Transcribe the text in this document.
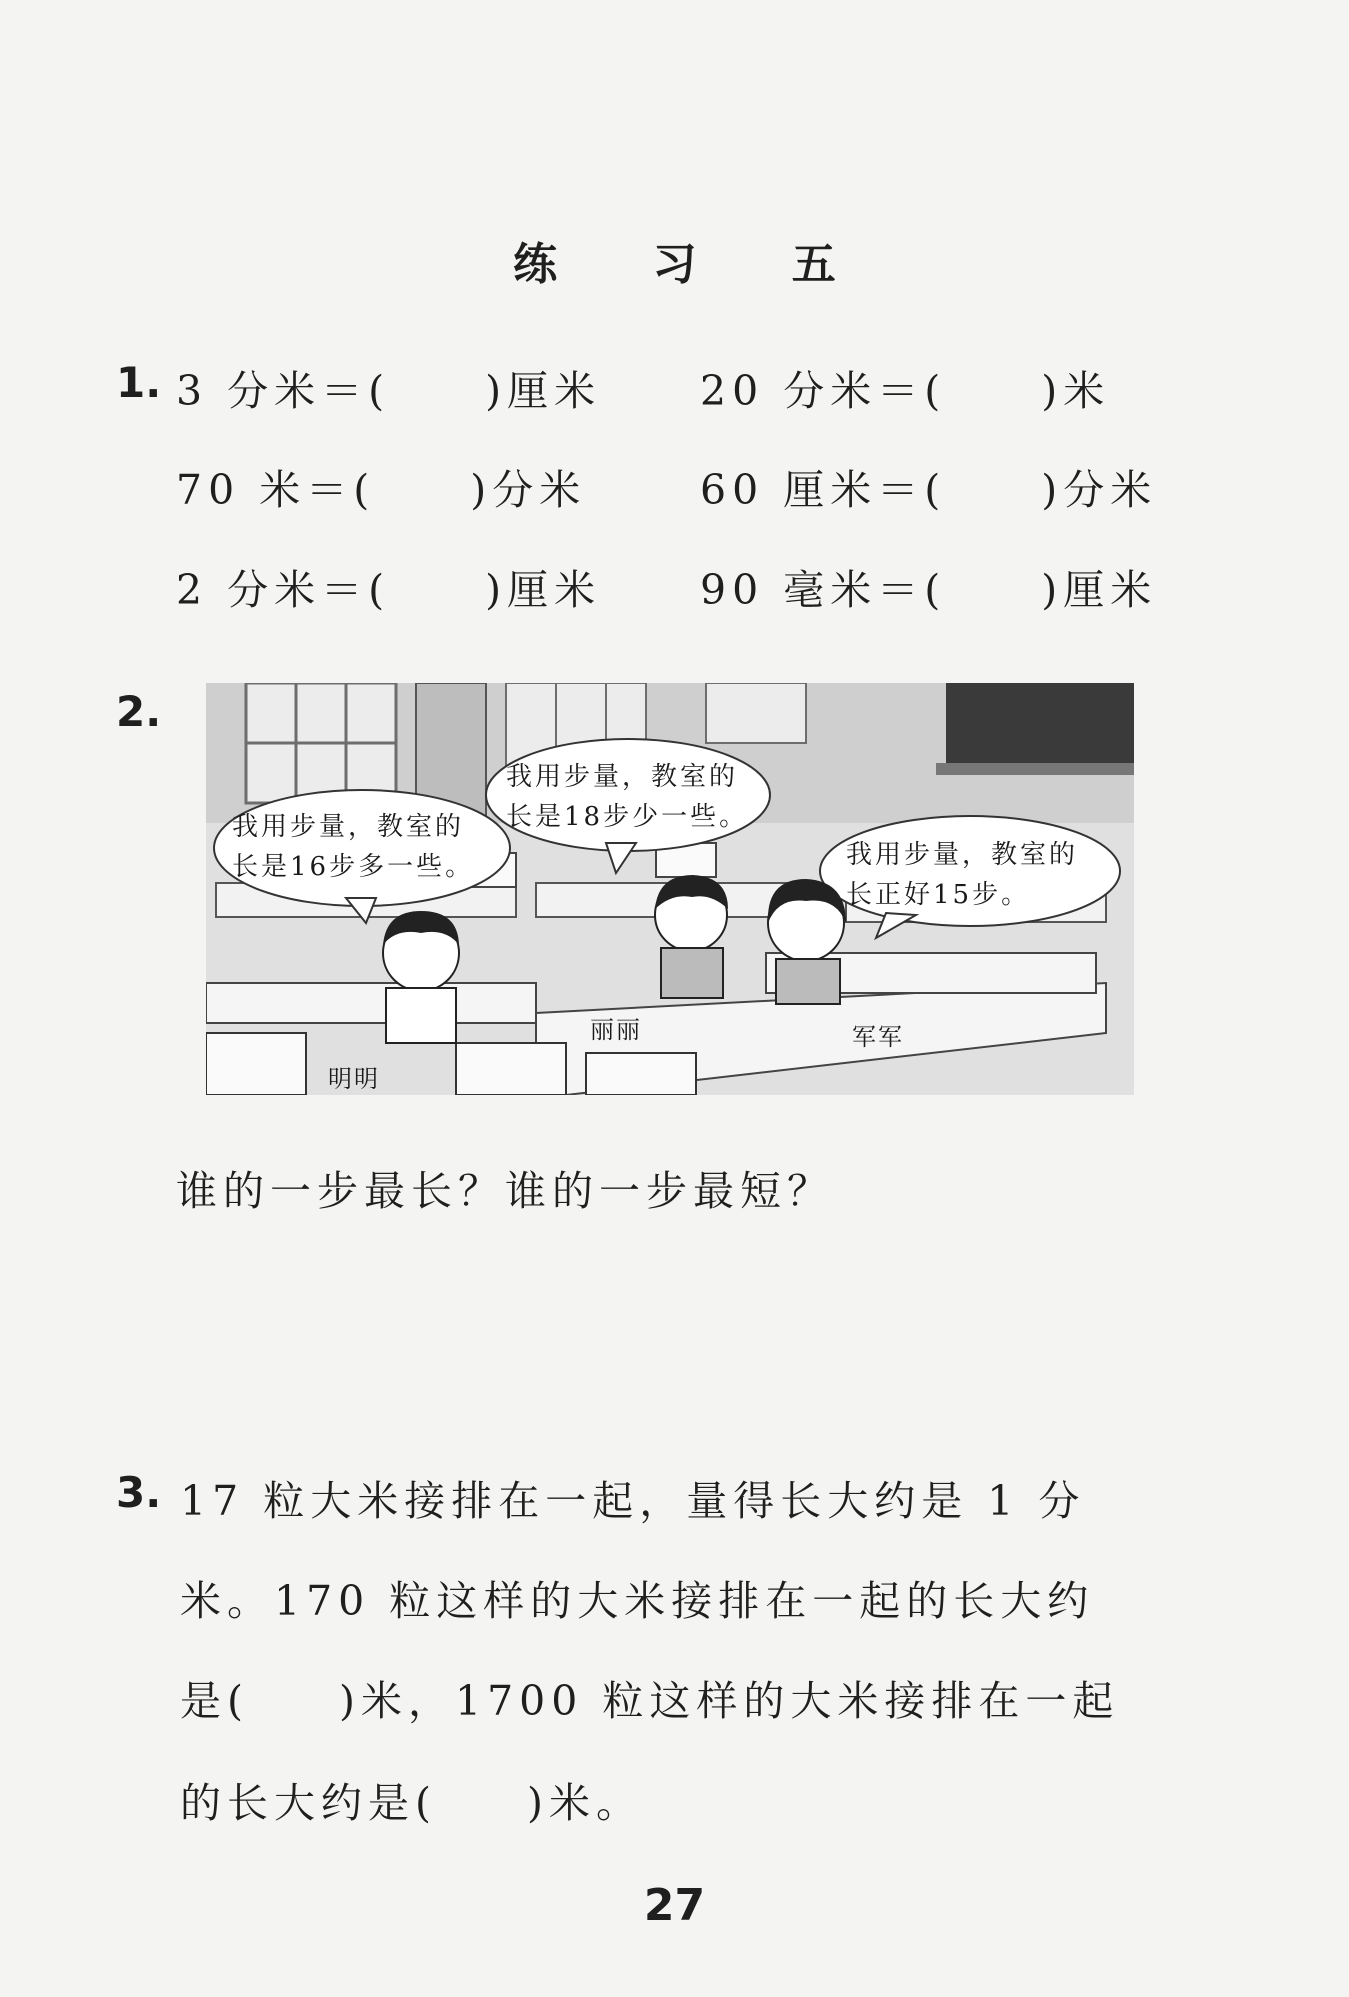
练 习 五
1. 3 分米＝( )厘米 20 分米＝( )米
70 米＝( )分米	60 厘米＝( )分米
2 分米＝( )厘米 90 毫米＝( )厘米
2.
我用步量，教室的
长是16步多一些。
我用步量，教室的
长是18步少一些。
我用步量，教室的
长正好15步。
明明
丽丽	军军
谁的一步最长？谁的一步最短？
3. 17 粒大米接排在一起，量得长大约是 1 分
米。170 粒这样的大米接排在一起的长大约
是( )米，1700 粒这样的大米接排在一起
的长大约是( )米。
27
